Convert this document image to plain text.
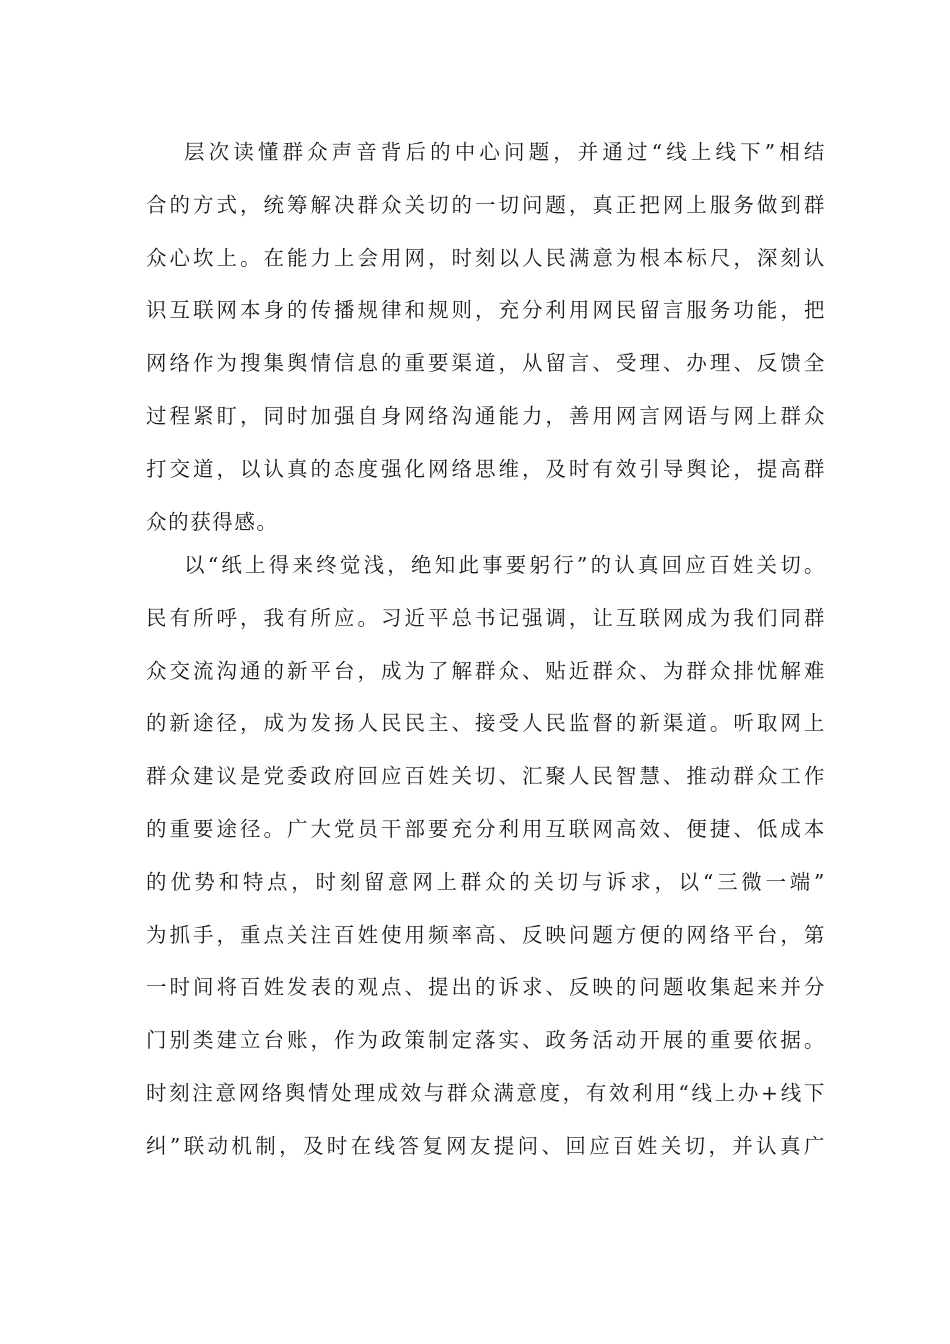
层次读懂群众声音背后的中心问题，并通过“线上线下”相结
合的方式，统筹解决群众关切的一切问题，真正把网上服务做到群
众心坎上。在能力上会用网，时刻以人民满意为根本标尺，深刻认
识互联网本身的传播规律和规则，充分利用网民留言服务功能，把
网络作为搜集舆情信息的重要渠道，从留言、受理、办理、反馈全
过程紧盯，同时加强自身网络沟通能力，善用网言网语与网上群众
打交道，以认真的态度强化网络思维，及时有效引导舆论，提高群
众的获得感。
以“纸上得来终觉浅，绝知此事要躬行”的认真回应百姓关切。
民有所呼，我有所应。习近平总书记强调，让互联网成为我们同群
众交流沟通的新平台，成为了解群众、贴近群众、为群众排忧解难
的新途径，成为发扬人民民主、接受人民监督的新渠道。听取网上
群众建议是党委政府回应百姓关切、汇聚人民智慧、推动群众工作
的重要途径。广大党员干部要充分利用互联网高效、便捷、低成本
的优势和特点，时刻留意网上群众的关切与诉求，以“三微一端”
为抓手，重点关注百姓使用频率高、反映问题方便的网络平台，第
一时间将百姓发表的观点、提出的诉求、反映的问题收集起来并分
门别类建立台账，作为政策制定落实、政务活动开展的重要依据。
时刻注意网络舆情处理成效与群众满意度，有效利用“线上办+线下
纠”联动机制，及时在线答复网友提问、回应百姓关切，并认真广
